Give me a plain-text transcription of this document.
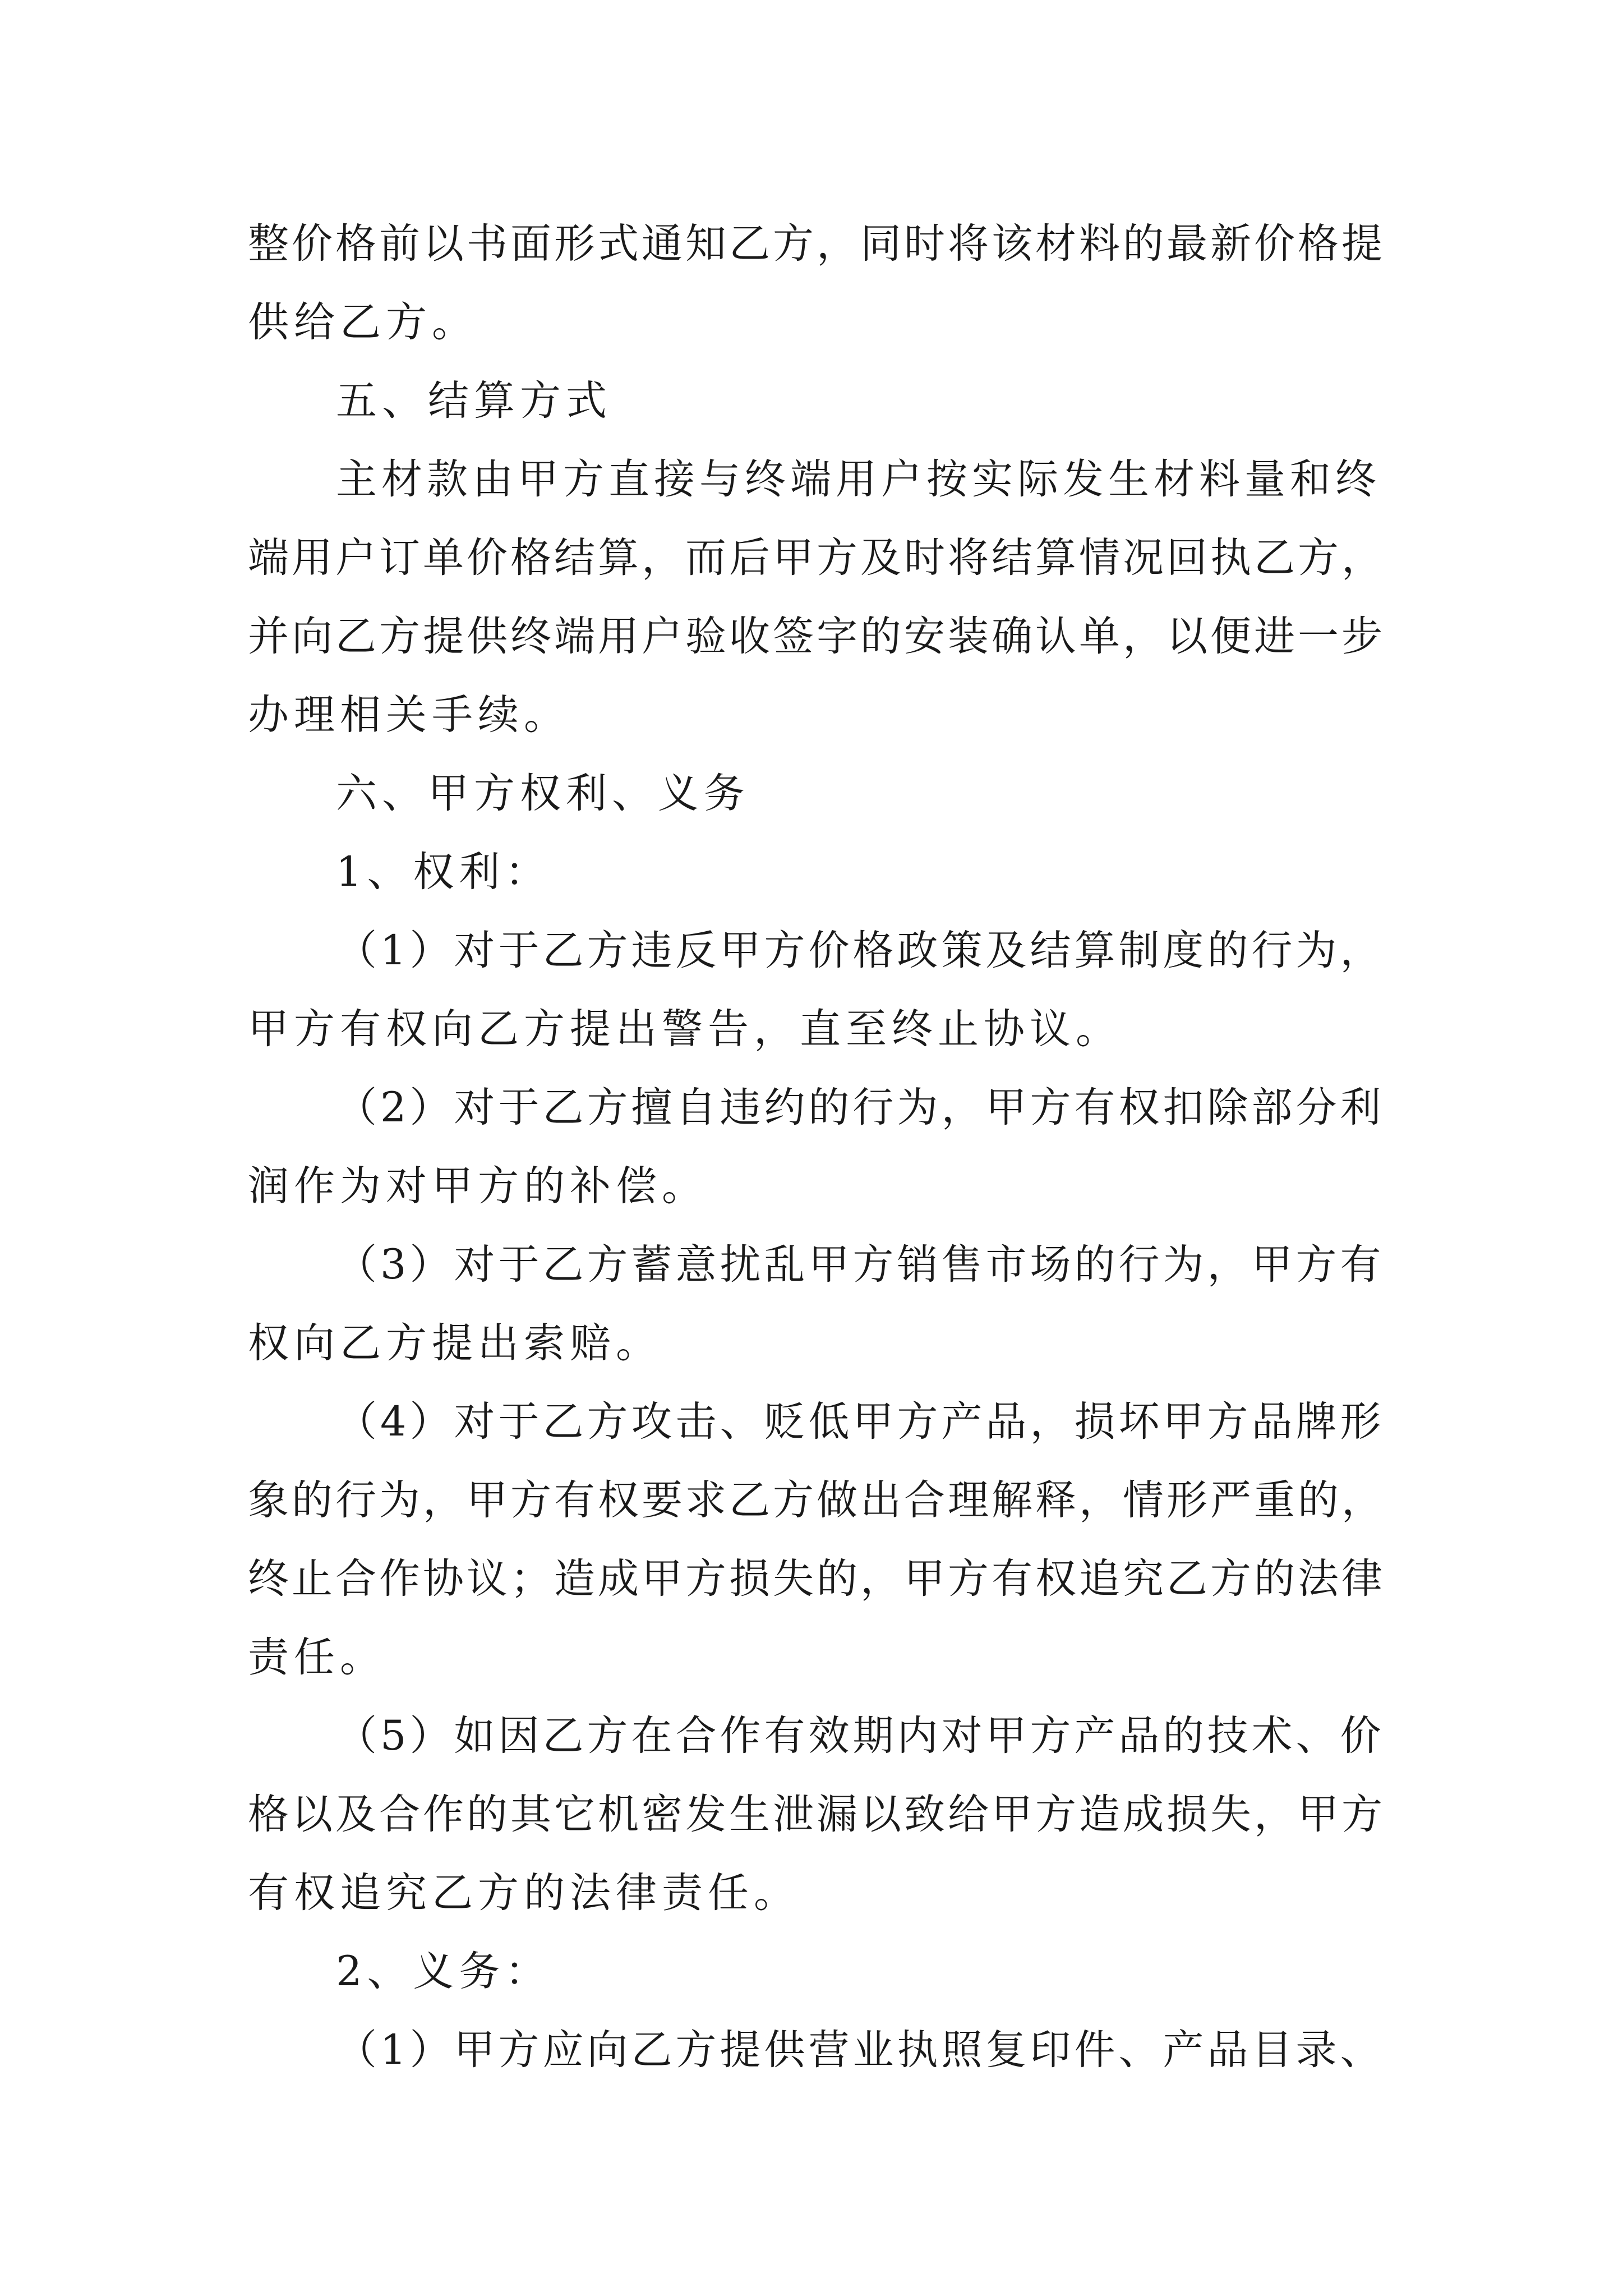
整价格前以书面形式通知乙方，同时将该材料的最新价格提
供给乙方。
五、结算方式
主材款由甲方直接与终端用户按实际发生材料量和终
端用户订单价格结算，而后甲方及时将结算情况回执乙方，
并向乙方提供终端用户验收签字的安装确认单，以便进一步
办理相关手续。
六、甲方权利、义务
1、权利：
（1）对于乙方违反甲方价格政策及结算制度的行为，
甲方有权向乙方提出警告，直至终止协议。
（2）对于乙方擅自违约的行为，甲方有权扣除部分利
润作为对甲方的补偿。
（3）对于乙方蓄意扰乱甲方销售市场的行为，甲方有
权向乙方提出索赔。
（4）对于乙方攻击、贬低甲方产品，损坏甲方品牌形
象的行为，甲方有权要求乙方做出合理解释，情形严重的，
终止合作协议；造成甲方损失的，甲方有权追究乙方的法律
责任。
（5）如因乙方在合作有效期内对甲方产品的技术、价
格以及合作的其它机密发生泄漏以致给甲方造成损失，甲方
有权追究乙方的法律责任。
2、义务：
（1）甲方应向乙方提供营业执照复印件、产品目录、
